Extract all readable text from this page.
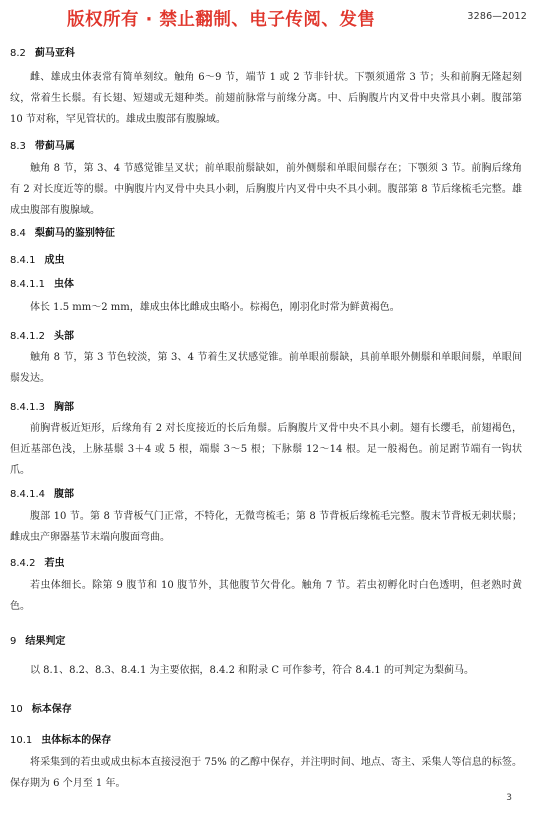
版权所有 · 禁止翻制、电子传阅、发售	3286—2012
8.2 蓟马亚科
雌、雄成虫体表常有简单刻纹。触角 6～9 节，端节 1 或 2 节非针状。下颚须通常 3 节；头和前胸无隆起刻纹，常着生长鬃。有长翅、短翅或无翅种类。前翅前脉常与前缘分离。中、后胸腹片内叉骨中央常具小刺。腹部第 10 节对称，罕见管状的。雄成虫腹部有腹腺域。
8.3 带蓟马属
触角 8 节，第 3、4 节感觉锥呈叉状；前单眼前鬃缺如，前外侧鬃和单眼间鬃存在；下颚须 3 节。前胸后缘角有 2 对长度近等的鬃。中胸腹片内叉骨中央具小刺，后胸腹片内叉骨中央不具小刺。腹部第 8 节后缘梳毛完整。雄成虫腹部有腹腺域。
8.4 梨蓟马的鉴别特征
8.4.1 成虫
8.4.1.1 虫体
体长 1.5 mm～2 mm，雄成虫体比雌成虫略小。棕褐色，刚羽化时常为鲜黄褐色。
8.4.1.2 头部
触角 8 节，第 3 节色较淡，第 3、4 节着生叉状感觉锥。前单眼前鬃缺，具前单眼外侧鬃和单眼间鬃，单眼间鬃发达。
8.4.1.3 胸部
前胸背板近矩形，后缘角有 2 对长度接近的长后角鬃。后胸腹片叉骨中央不具小刺。翅有长缨毛，前翅褐色，但近基部色浅，上脉基鬃 3＋4 或 5 根，端鬃 3～5 根；下脉鬃 12～14 根。足一般褐色。前足跗节端有一钩状爪。
8.4.1.4 腹部
腹部 10 节。第 8 节背板气门正常，不特化，无微弯梳毛；第 8 节背板后缘梳毛完整。腹末节背板无刺状鬃；雌成虫产卵器基节末端向腹面弯曲。
8.4.2 若虫
若虫体细长。除第 9 腹节和 10 腹节外，其他腹节欠骨化。触角 7 节。若虫初孵化时白色透明，但老熟时黄色。
9 结果判定
以 8.1、8.2、8.3、8.4.1 为主要依据，8.4.2 和附录 C 可作参考，符合 8.4.1 的可判定为梨蓟马。
10 标本保存
10.1 虫体标本的保存
将采集到的若虫或成虫标本直接浸泡于 75% 的乙醇中保存，并注明时间、地点、寄主、采集人等信息的标签。保存期为 6 个月至 1 年。
3
